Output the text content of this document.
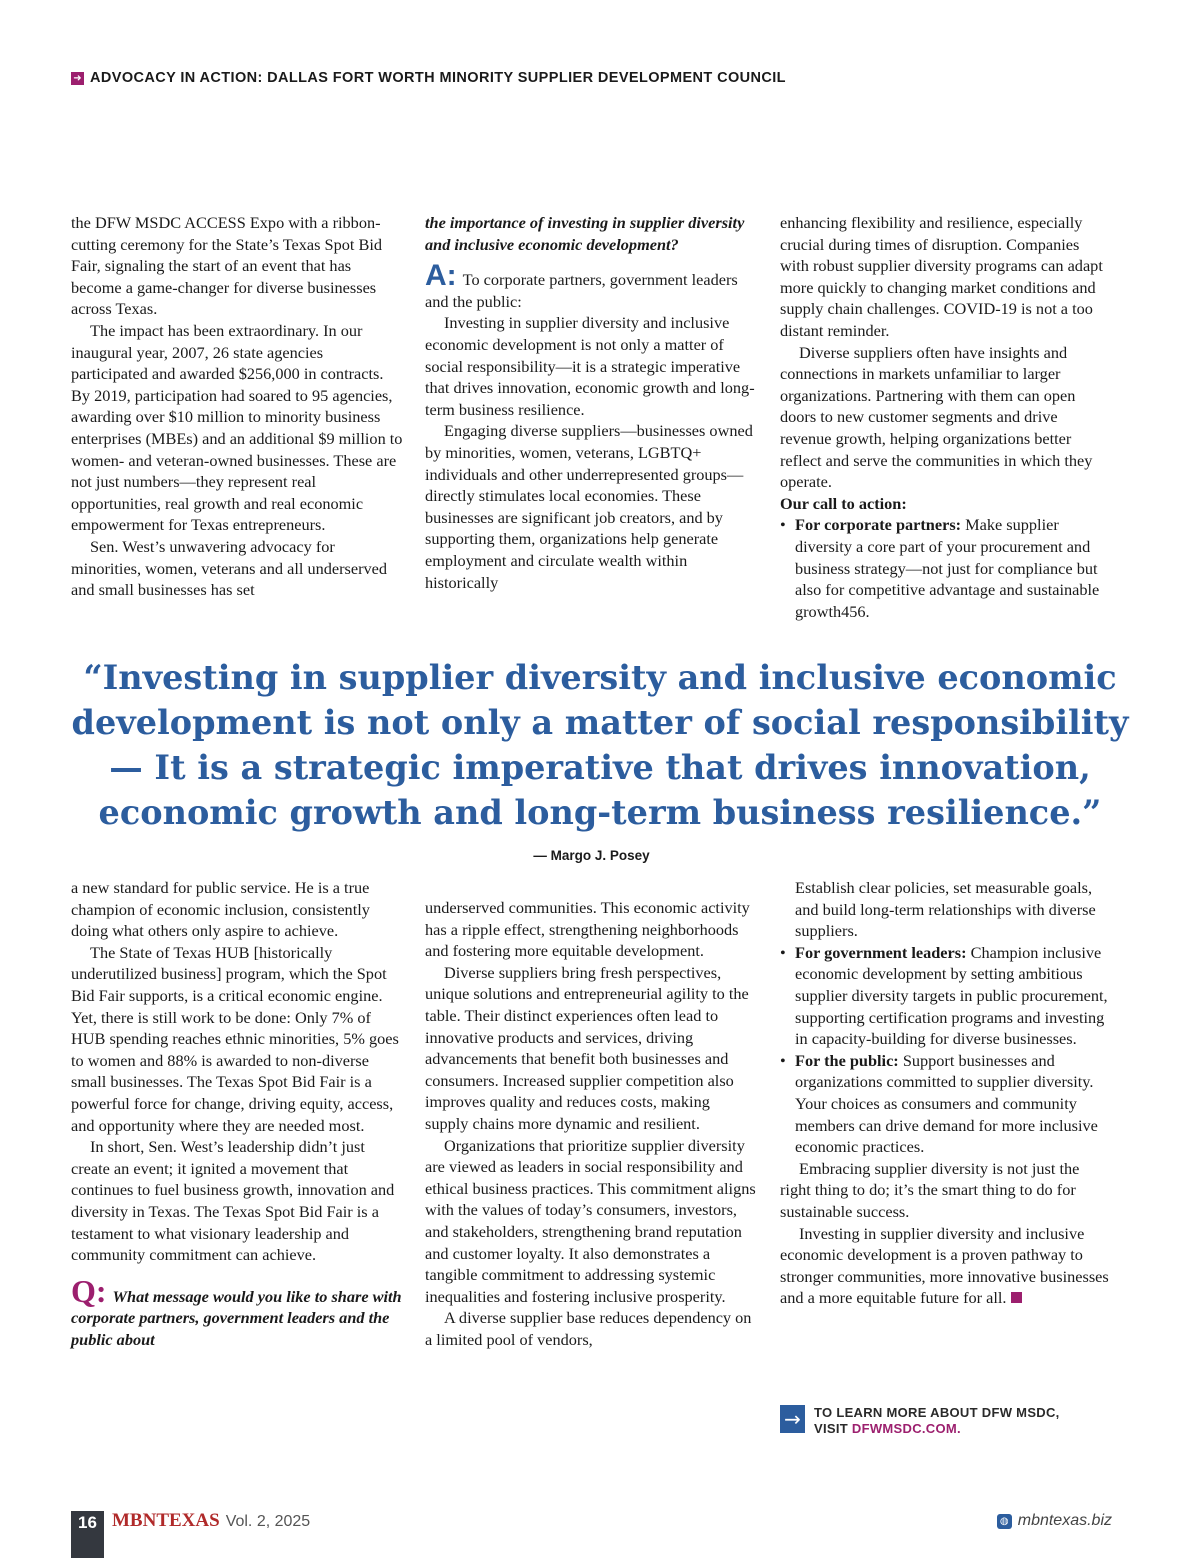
➜ ADVOCACY IN ACTION: DALLAS FORT WORTH MINORITY SUPPLIER DEVELOPMENT COUNCIL

the DFW MSDC ACCESS Expo with a ribbon-cutting ceremony for the State’s Texas Spot Bid Fair, signaling the start of an event that has become a game-changer for diverse businesses across Texas.

The impact has been extraordinary. In our inaugural year, 2007, 26 state agencies participated and awarded $256,000 in contracts. By 2019, participation had soared to 95 agencies, awarding over $10 million to minority business enterprises (MBEs) and an additional $9 million to women- and veteran-owned businesses. These are not just numbers—they represent real opportunities, real growth and real economic empowerment for Texas entrepreneurs.

Sen. West’s unwavering advocacy for minorities, women, veterans and all underserved and small businesses has set

the importance of investing in supplier diversity and inclusive economic development?

A: To corporate partners, government leaders and the public:

Investing in supplier diversity and inclusive economic development is not only a matter of social responsibility—it is a strategic imperative that drives innovation, economic growth and long-term business resilience.

Engaging diverse suppliers—businesses owned by minorities, women, veterans, LGBTQ+ individuals and other underrepresented groups—directly stimulates local economies. These businesses are significant job creators, and by supporting them, organizations help generate employment and circulate wealth within historically

enhancing flexibility and resilience, especially crucial during times of disruption. Companies with robust supplier diversity programs can adapt more quickly to changing market conditions and supply chain challenges. COVID-19 is not a too distant reminder.

Diverse suppliers often have insights and connections in markets unfamiliar to larger organizations. Partnering with them can open doors to new customer segments and drive revenue growth, helping organizations better reflect and serve the communities in which they operate.

Our call to action:

• For corporate partners: Make supplier diversity a core part of your procurement and business strategy—not just for compliance but also for competitive advantage and sustainable growth456.

“Investing in supplier diversity and inclusive economic development is not only a matter of social responsibility — It is a strategic imperative that drives innovation, economic growth and long-term business resilience.”
— Margo J. Posey

a new standard for public service. He is a true champion of economic inclusion, consistently doing what others only aspire to achieve.

The State of Texas HUB [historically underutilized business] program, which the Spot Bid Fair supports, is a critical economic engine. Yet, there is still work to be done: Only 7% of HUB spending reaches ethnic minorities, 5% goes to women and 88% is awarded to non-diverse small businesses. The Texas Spot Bid Fair is a powerful force for change, driving equity, access, and opportunity where they are needed most.

In short, Sen. West’s leadership didn’t just create an event; it ignited a movement that continues to fuel business growth, innovation and diversity in Texas. The Texas Spot Bid Fair is a testament to what visionary leadership and community commitment can achieve.

Q: What message would you like to share with corporate partners, government leaders and the public about

underserved communities. This economic activity has a ripple effect, strengthening neighborhoods and fostering more equitable development.

Diverse suppliers bring fresh perspectives, unique solutions and entrepreneurial agility to the table. Their distinct experiences often lead to innovative products and services, driving advancements that benefit both businesses and consumers. Increased supplier competition also improves quality and reduces costs, making supply chains more dynamic and resilient.

Organizations that prioritize supplier diversity are viewed as leaders in social responsibility and ethical business practices. This commitment aligns with the values of today’s consumers, investors, and stakeholders, strengthening brand reputation and customer loyalty. It also demonstrates a tangible commitment to addressing systemic inequalities and fostering inclusive prosperity.

A diverse supplier base reduces dependency on a limited pool of vendors,

Establish clear policies, set measurable goals, and build long-term relationships with diverse suppliers.

• For government leaders: Champion inclusive economic development by setting ambitious supplier diversity targets in public procurement, supporting certification programs and investing in capacity-building for diverse businesses.

• For the public: Support businesses and organizations committed to supplier diversity. Your choices as consumers and community members can drive demand for more inclusive economic practices.

Embracing supplier diversity is not just the right thing to do; it’s the smart thing to do for sustainable success.

Investing in supplier diversity and inclusive economic development is a proven pathway to stronger communities, more innovative businesses and a more equitable future for all.

→	TO LEARN MORE ABOUT DFW MSDC,
VISIT DFWMSDC.COM.
16 MBNTEXAS Vol. 2, 2025	◍ mbntexas.biz
